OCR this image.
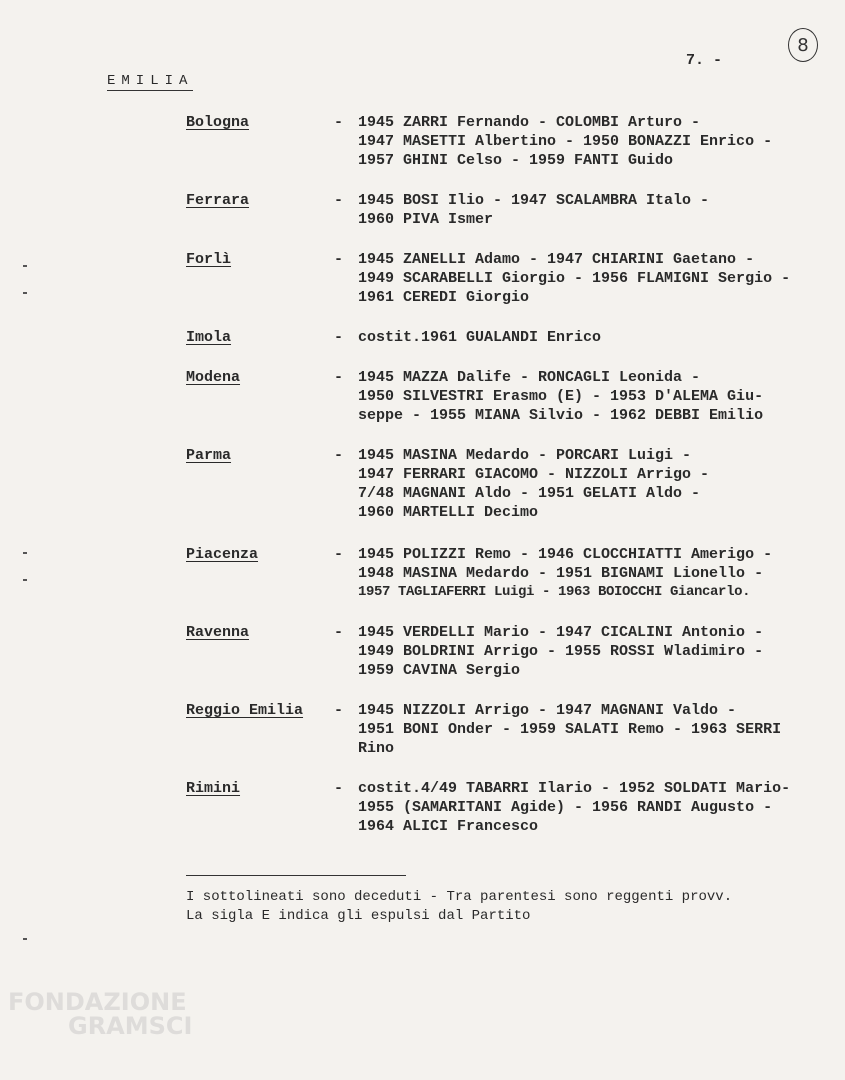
8
7. -
EMILIA
Bologna	- 1945 ZARRI Fernando - COLOMBI Arturo -
1947 MASETTI Albertino - 1950 BONAZZI Enrico -
1957 GHINI Celso - 1959 FANTI Guido
Ferrara	- 1945 BOSI Ilio - 1947 SCALAMBRA Italo -
1960 PIVA Ismer
Forlì	- 1945 ZANELLI Adamo - 1947 CHIARINI Gaetano -
1949 SCARABELLI Giorgio - 1956 FLAMIGNI Sergio -
1961 CEREDI Giorgio
Imola	- costit.1961 GUALANDI Enrico
Modena	- 1945 MAZZA Dalife - RONCAGLI Leonida -
1950 SILVESTRI Erasmo (E) - 1953 D'ALEMA Giu-
seppe - 1955 MIANA Silvio - 1962 DEBBI Emilio
Parma	- 1945 MASINA Medardo - PORCARI Luigi -
1947 FERRARI GIACOMO - NIZZOLI Arrigo -
7/48 MAGNANI Aldo - 1951 GELATI Aldo -
1960 MARTELLI Decimo
Piacenza	- 1945 POLIZZI Remo - 1946 CLOCCHIATTI Amerigo -
1948 MASINA Medardo - 1951 BIGNAMI Lionello -
1957 TAGLIAFERRI Luigi - 1963 BOIOCCHI Giancarlo.
Ravenna	- 1945 VERDELLI Mario - 1947 CICALINI Antonio -
1949 BOLDRINI Arrigo - 1955 ROSSI Wladimiro -
1959 CAVINA Sergio
Reggio Emilia - 1945 NIZZOLI Arrigo - 1947 MAGNANI Valdo -
1951 BONI Onder - 1959 SALATI Remo - 1963 SERRI
Rino
Rimini	- costit.4/49 TABARRI Ilario - 1952 SOLDATI Mario-
1955 (SAMARITANI Agide) - 1956 RANDI Augusto -
1964 ALICI Francesco
I sottolineati sono deceduti - Tra parentesi sono reggenti provv.
La sigla E indica gli espulsi dal Partito
FONDAZIONE
GRAMSCI
